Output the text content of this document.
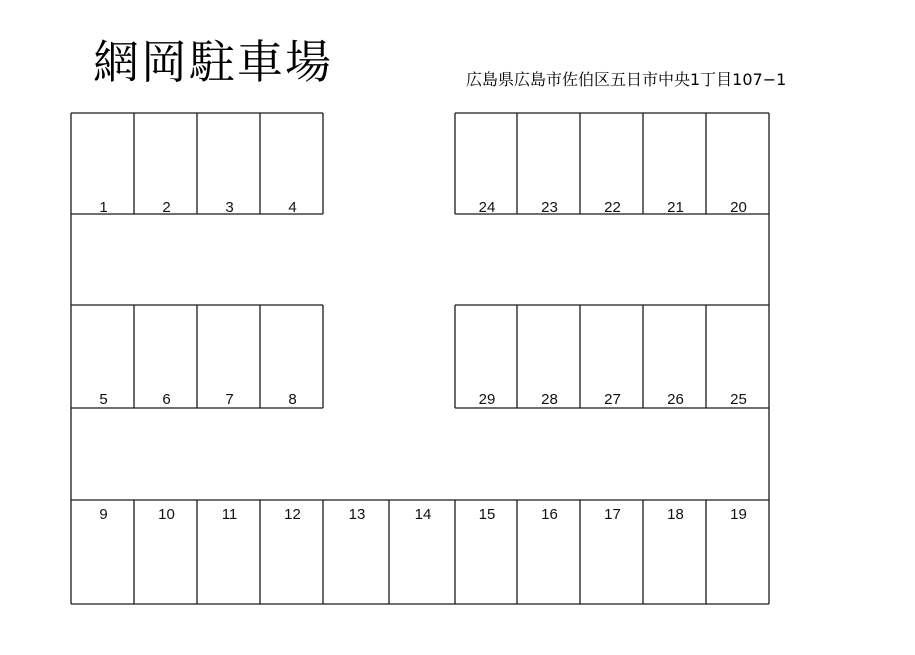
網岡駐車場	広島県広島市佐伯区五日市中央1丁目107−1
1	2	3	4	24	23	22	21	20
5	6	7	8	29	28	27	26	25
9	10	11	12	13	14	15	16	17	18	19
